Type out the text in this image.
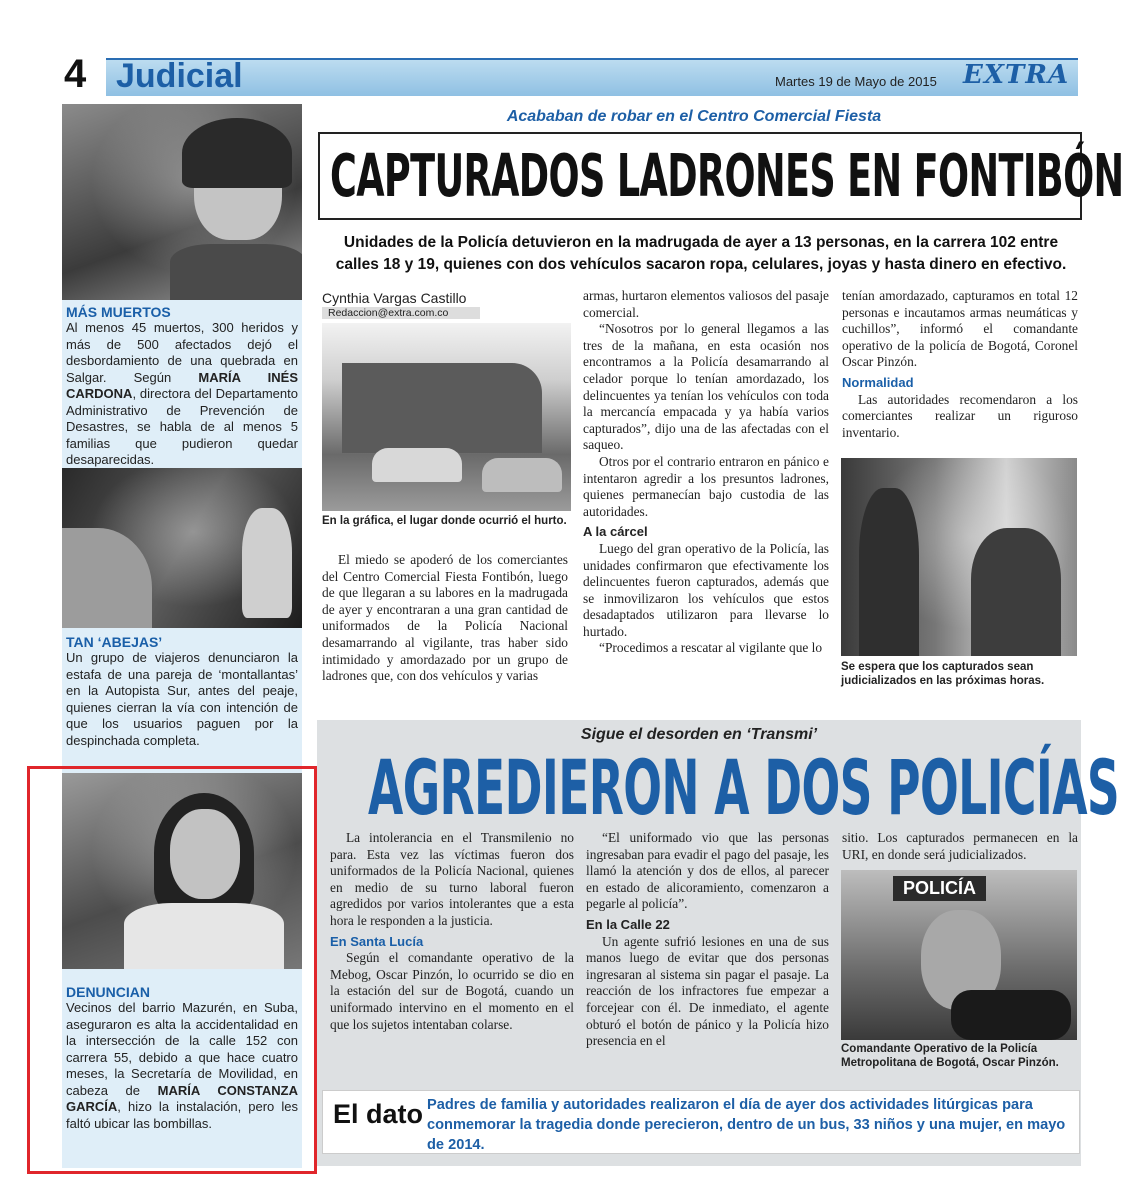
4 Judicial	Martes 19 de Mayo de 2015 EXTRA
MÁS MUERTOS
Al menos 45 muertos, 300 heridos y más de 500 afectados dejó el desbordamiento de una quebrada en Salgar. Según MARÍA INÉS CARDONA, directora del Departamento Administrativo de Prevención de Desastres, se habla de al menos 5 familias que pudieron quedar desaparecidas.
TAN ‘ABEJAS’
Un grupo de viajeros denunciaron la estafa de una pareja de ‘montallantas’ en la Autopista Sur, antes del peaje, quienes cierran la vía con intención de que los usuarios paguen por la despinchada completa.
DENUNCIAN
Vecinos del barrio Mazurén, en Suba, aseguraron es alta la accidentalidad en la intersección de la calle 152 con carrera 55, debido a que hace cuatro meses, la Secretaría de Movilidad, en cabeza de MARÍA CONSTANZA GARCÍA, hizo la instalación, pero les faltó ubicar las bombillas.
Acababan de robar en el Centro Comercial Fiesta
CAPTURADOS LADRONES EN FONTIBÓN
Unidades de la Policía detuvieron en la madrugada de ayer a 13 personas, en la carrera 102 entre calles 18 y 19, quienes con dos vehículos sacaron ropa, celulares, joyas y hasta dinero en efectivo.
Cynthia Vargas Castillo
Redaccion@extra.com.co
En la gráfica, el lugar donde ocurrió el hurto.

El miedo se apoderó de los comerciantes del Centro Comercial Fiesta Fontibón, luego de que llegaran a su labores en la madrugada de ayer y encontraran a una gran cantidad de uniformados de la Policía Nacional desamarrando al vigilante, tras haber sido intimidado y amordazado por un grupo de ladrones que, con dos vehículos y varias

armas, hurtaron elementos valiosos del pasaje comercial.

“Nosotros por lo general llegamos a las tres de la mañana, en esta ocasión nos encontramos a la Policía desamarrando al celador porque lo tenían amordazado, los delincuentes ya tenían los vehículos con toda la mercancía empacada y ya había varios capturados”, dijo una de las afectadas con el saqueo.

Otros por el contrario entraron en pánico e intentaron agredir a los presuntos ladrones, quienes permanecían bajo custodia de las autoridades.

A la cárcel

Luego del gran operativo de la Policía, las unidades confirmaron que efectivamente los delincuentes fueron capturados, además que se inmovilizaron los vehículos que estos desadaptados utilizaron para llevarse lo hurtado.

“Procedimos a rescatar al vigilante que lo

tenían amordazado, capturamos en total 12 personas e incautamos armas neumáticas y cuchillos”, informó el comandante operativo de la policía de Bogotá, Coronel Oscar Pinzón.

Normalidad

Las autoridades recomendaron a los comerciantes realizar un riguroso inventario.

Se espera que los capturados sean judicializados en las próximas horas.
Sigue el desorden en ‘Transmi’
AGREDIERON A DOS POLICÍAS

La intolerancia en el Transmilenio no para. Esta vez las víctimas fueron dos uniformados de la Policía Nacional, quienes en medio de su turno laboral fueron agredidos por varios intolerantes que a esta hora le responden a la justicia.

En Santa Lucía

Según el comandante operativo de la Mebog, Oscar Pinzón, lo ocurrido se dio en la estación del sur de Bogotá, cuando un uniformado intervino en el momento en el que los sujetos intentaban colarse.

“El uniformado vio que las personas ingresaban para evadir el pago del pasaje, les llamó la atención y dos de ellos, al parecer en estado de alicoramiento, comenzaron a pegarle al policía”.

En la Calle 22

Un agente sufrió lesiones en una de sus manos luego de evitar que dos personas ingresaran al sistema sin pagar el pasaje. La reacción de los infractores fue empezar a forcejear con él. De inmediato, el agente obturó el botón de pánico y la Policía hizo presencia en el

sitio. Los capturados permanecen en la URI, en donde será judicializados.

POLICÍA
Comandante Operativo de la Policía Metropolitana de Bogotá, Oscar Pinzón.
El dato Padres de familia y autoridades realizaron el día de ayer dos actividades litúrgicas para conmemorar la tragedia donde perecieron, dentro de un bus, 33 niños y una mujer, en mayo de 2014.
